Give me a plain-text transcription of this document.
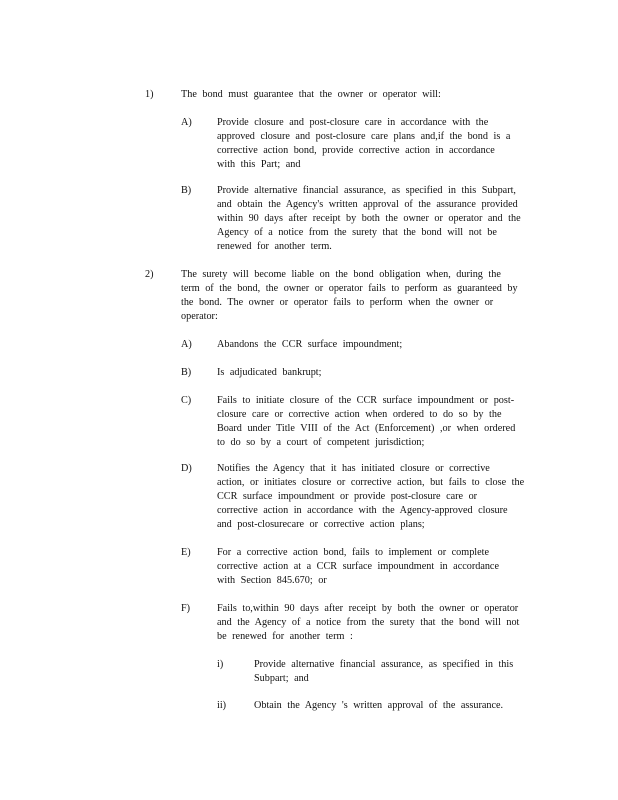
1)	The bond must guarantee that the owner or operator will:
A) Provide closure and post-closure care in accordance with the
approved closure and post-closure care plans and,if the bond is a
corrective action bond, provide corrective action in accordance
with this Part; and
B)	Provide alternative financial assurance, as specified in this Subpart,
and obtain the Agency's written approval of the assurance provided
within 90 days after receipt by both the owner or operator and the
Agency of a notice from the surety that the bond will not be
renewed for another term.
2)	The surety will become liable on the bond obligation when, during the
term of the bond, the owner or operator fails to perform as guaranteed by
the bond. The owner or operator fails to perform when the owner or
operator:
A) Abandons the CCR surface impoundment;
B)	Is adjudicated bankrupt;
C)	Fails to initiate closure of the CCR surface impoundment or post-
closure care or corrective action when ordered to do so by the
Board under Title VIII of the Act (Enforcement) ,or when ordered
to do so by a court of competent jurisdiction;
D) Notifies the Agency that it has initiated closure or corrective
action, or initiates closure or corrective action, but fails to close the
CCR surface impoundment or provide post-closure care or
corrective action in accordance with the Agency-approved closure
and post-closurecare or corrective action plans;
E)	For a corrective action bond, fails to implement or complete
corrective action at a CCR surface impoundment in accordance
with Section 845.670; or
F)	Fails to,within 90 days after receipt by both the owner or operator
and the Agency of a notice from the surety that the bond will not
be renewed for another term :
i)	Provide alternative financial assurance, as specified in this
Subpart; and
ii)	Obtain the Agency 's written approval of the assurance.
